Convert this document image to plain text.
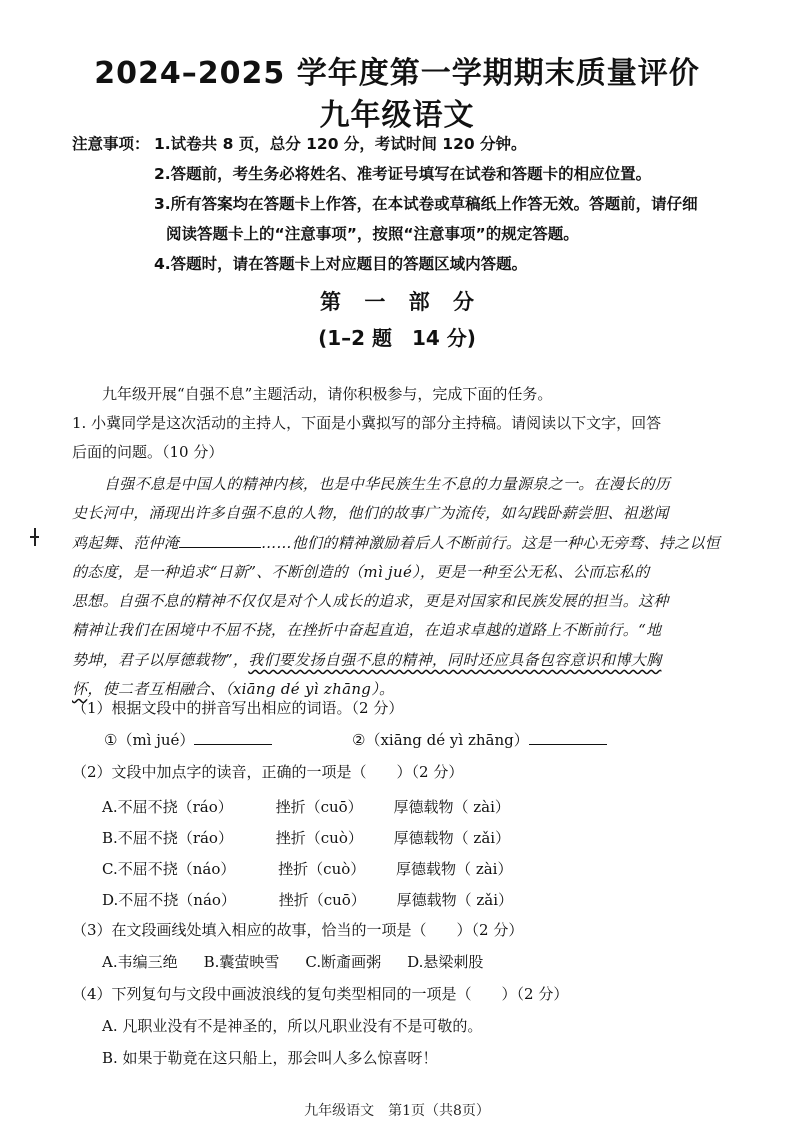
2024–2025 学年度第一学期期末质量评价
九年级语文
注意事项： 1.试卷共 8 页，总分 120 分，考试时间 120 分钟。
2.答题前，考生务必将姓名、准考证号填写在试卷和答题卡的相应位置。
3.所有答案均在答题卡上作答，在本试卷或草稿纸上作答无效。答题前，请仔细
阅读答题卡上的“注意事项”，按照“注意事项”的规定答题。
4.答题时，请在答题卡上对应题目的答题区域内答题。
第 一 部 分
(1–2 题　14 分)
九年级开展“自强不息”主题活动，请你积极参与，完成下面的任务。
1. 小冀同学是这次活动的主持人，下面是小冀拟写的部分主持稿。请阅读以下文字，回答
后面的问题。（10 分）
自强不息是中国人的精神内核，也是中华民族生生不息的力量源泉之一。在漫长的历
史长河中，涌现出许多自强不息的人物，他们的故事广为流传，如勾践卧薪尝胆、祖逖闻
鸡起舞、范仲淹	……他们的精神激励着后人不断前行。这是一种心无旁骛、持之以恒
的态度，是一种追求“日新”、不断创造的（mì jué），更是一种至公无私、公而忘私的
思想。自强不息的精神不仅仅是对个人成长的追求，更是对国家和民族发展的担当。这种
精神让我们在困境中不屈不挠，在挫折中奋起直追，在追求卓越的道路上不断前行。“地
势坤，君子以厚德载物”，我们要发扬自强不息的精神，同时还应具备包容意识和博大胸
怀，使二者互相融合、（xiāng dé yì zhāng）。
（1）根据文段中的拼音写出相应的词语。（2 分）
①（mì jué）	②（xiāng dé yì zhāng）
（2）文段中加点字的读音，正确的一项是（　　）（2 分）
A.不屈不挠（ráo）	挫折（cuō） 厚德载物（ zài）
B.不屈不挠（ráo）	挫折（cuò） 厚德载物（ zǎi）
C.不屈不挠（náo）	挫折（cuò） 厚德载物（ zài）
D.不屈不挠（náo）	挫折（cuō） 厚德载物（ zǎi）
（3）在文段画线处填入相应的故事，恰当的一项是（　　）（2 分）
A.韦编三绝 B.囊萤映雪 C.断齑画粥 D.悬梁刺股
（4）下列复句与文段中画波浪线的复句类型相同的一项是（　　）（2 分）
A. 凡职业没有不是神圣的，所以凡职业没有不是可敬的。
B. 如果于勒竟在这只船上，那会叫人多么惊喜呀！
九年级语文　第1页（共8页）
